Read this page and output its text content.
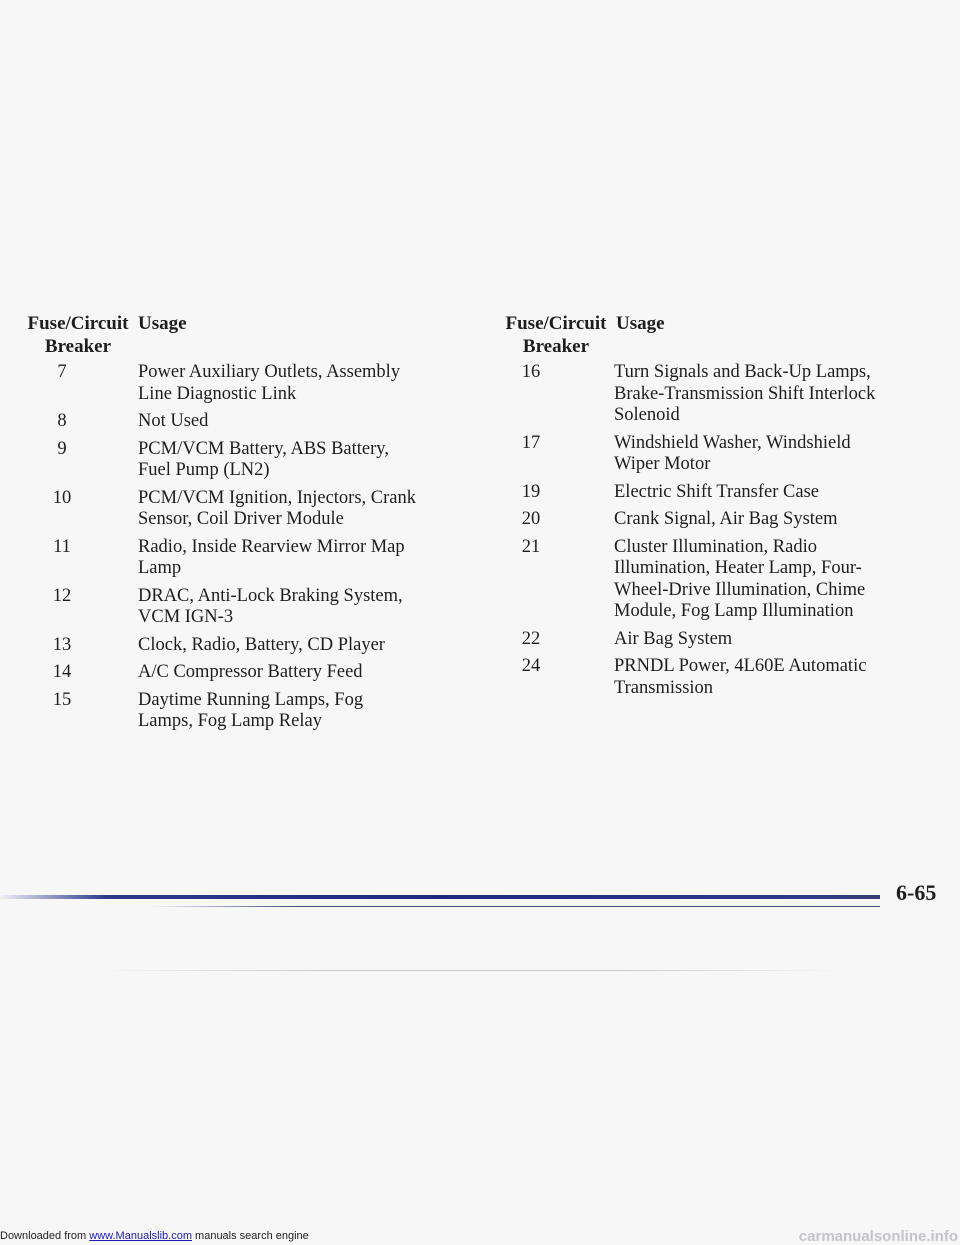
Fuse/Circuit
Breaker
Usage
7	Power Auxiliary Outlets, Assembly Line Diagnostic Link
8	Not Used
9	PCM/VCM Battery, ABS Battery, Fuel Pump (LN2)
10	PCM/VCM Ignition, Injectors, Crank Sensor, Coil Driver Module
11	Radio, Inside Rearview Mirror Map Lamp
12	DRAC, Anti-Lock Braking System, VCM IGN-3
13	Clock, Radio, Battery, CD Player
14	A/C Compressor Battery Feed
15	Daytime Running Lamps, Fog Lamps, Fog Lamp Relay
Fuse/Circuit
Breaker
Usage
16	Turn Signals and Back-Up Lamps, Brake-Transmission Shift Interlock Solenoid
17	Windshield Washer, Windshield Wiper Motor
19	Electric Shift Transfer Case
20	Crank Signal, Air Bag System
21	Cluster Illumination, Radio Illumination, Heater Lamp, Four-Wheel-Drive Illumination, Chime Module, Fog Lamp Illumination
22	Air Bag System
24	PRNDL Power, 4L60E Automatic Transmission
6-65
Downloaded from www.Manualslib.com manuals search engine	carmanualsonline.info
